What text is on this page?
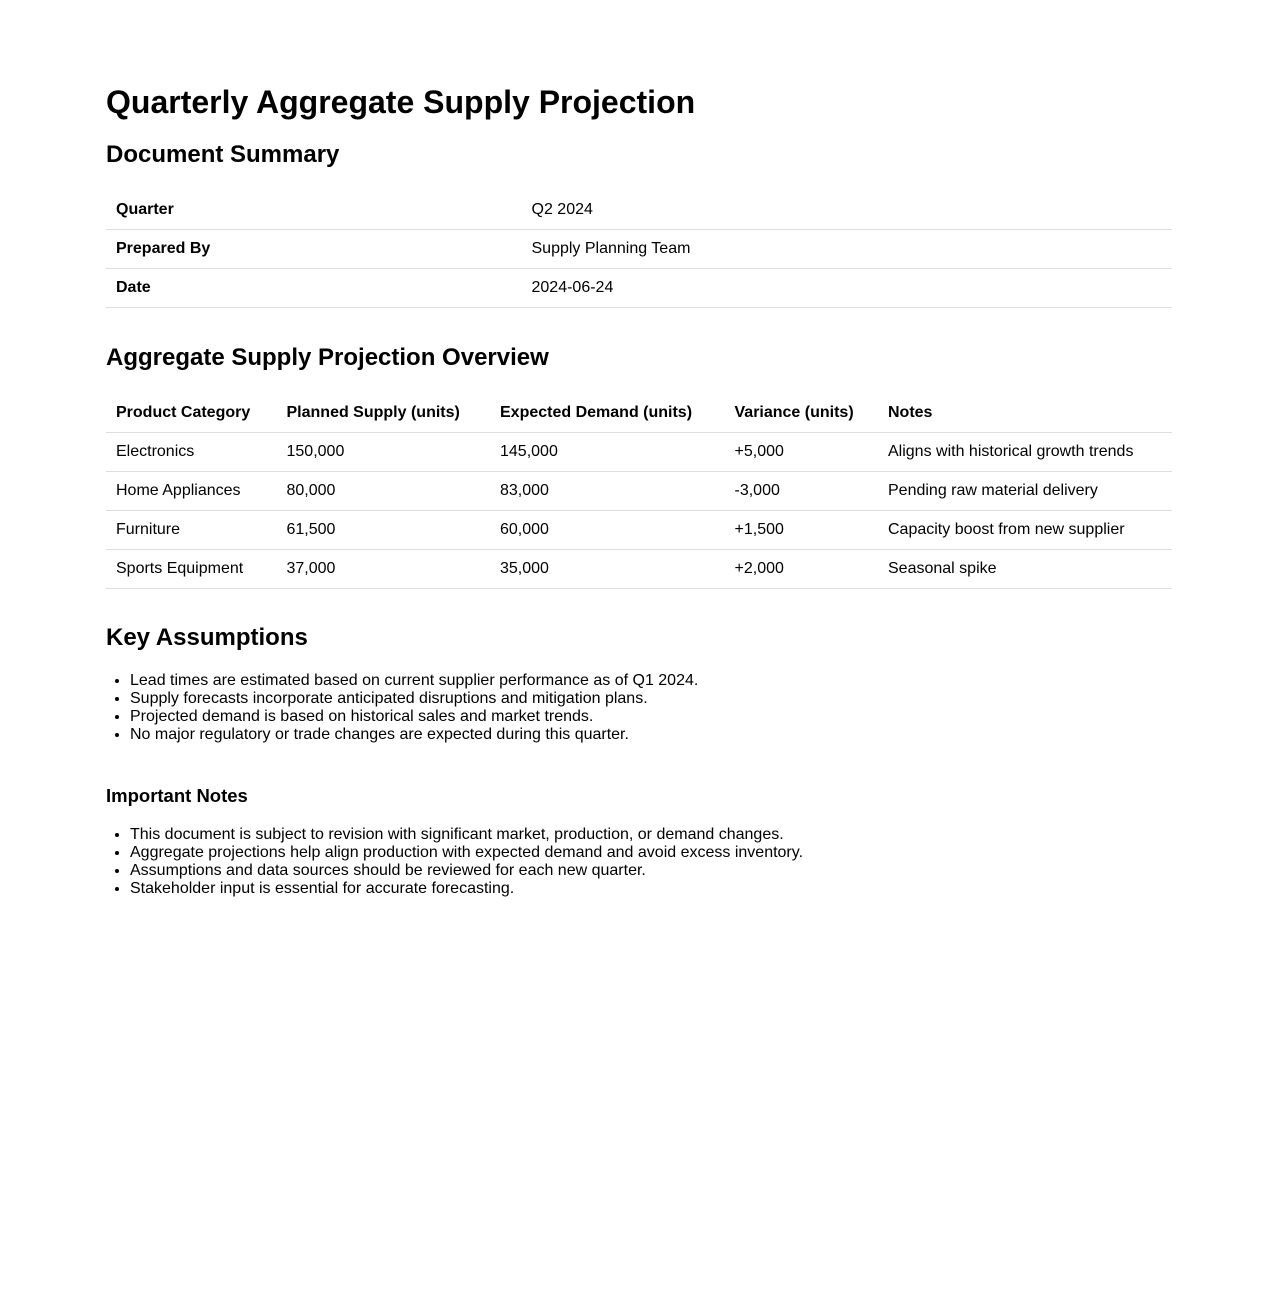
Quarterly Aggregate Supply Projection
Document Summary
Quarter	Q2 2024
Prepared By	Supply Planning Team
Date	2024-06-24
Aggregate Supply Projection Overview
Product Category	Planned Supply (units)	Expected Demand (units)	Variance (units)	Notes
Electronics	150,000	145,000	+5,000	Aligns with historical growth trends
Home Appliances	80,000	83,000	-3,000	Pending raw material delivery
Furniture	61,500	60,000	+1,500	Capacity boost from new supplier
Sports Equipment	37,000	35,000	+2,000	Seasonal spike
Key Assumptions
• Lead times are estimated based on current supplier performance as of Q1 2024.
• Supply forecasts incorporate anticipated disruptions and mitigation plans.
• Projected demand is based on historical sales and market trends.
• No major regulatory or trade changes are expected during this quarter.
Important Notes
• This document is subject to revision with significant market, production, or demand changes.
• Aggregate projections help align production with expected demand and avoid excess inventory.
• Assumptions and data sources should be reviewed for each new quarter.
• Stakeholder input is essential for accurate forecasting.
